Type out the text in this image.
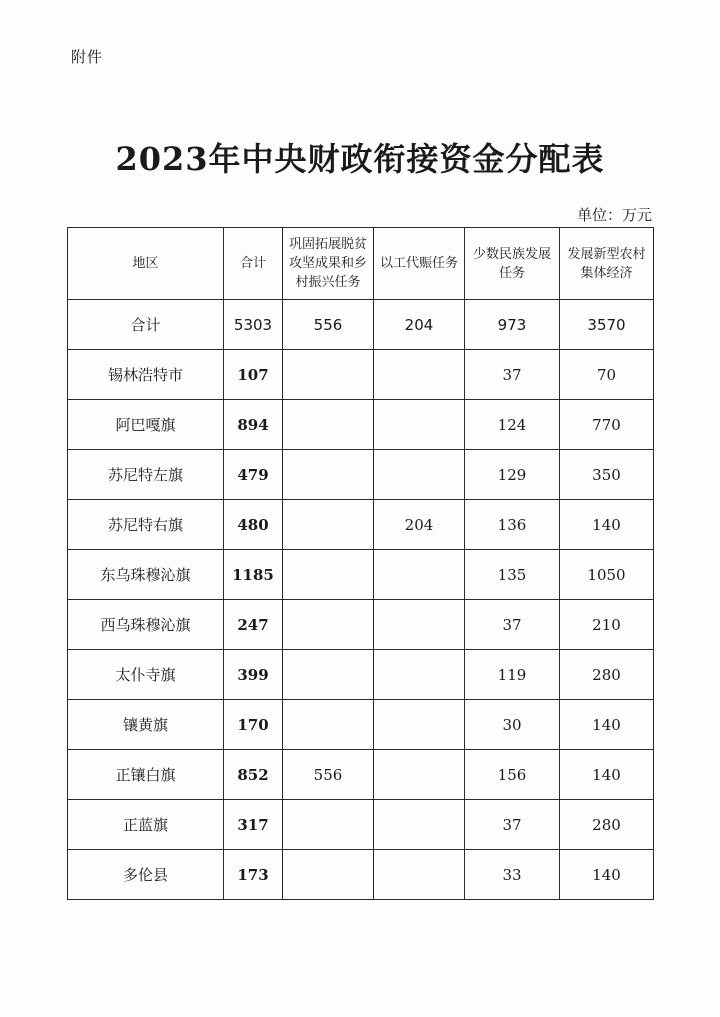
附件
2023年中央财政衔接资金分配表
单位：万元
地区	合计	巩固拓展脱贫攻坚成果和乡村振兴任务	以工代赈任务	少数民族发展任务	发展新型农村集体经济
合计	5303	556	204	973	3570
锡林浩特市	107			37	70
阿巴嘎旗	894			124	770
苏尼特左旗	479			129	350
苏尼特右旗	480		204	136	140
东乌珠穆沁旗	1185			135	1050
西乌珠穆沁旗	247			37	210
太仆寺旗	399			119	280
镶黄旗	170			30	140
正镶白旗	852	556		156	140
正蓝旗	317			37	280
多伦县	173			33	140
